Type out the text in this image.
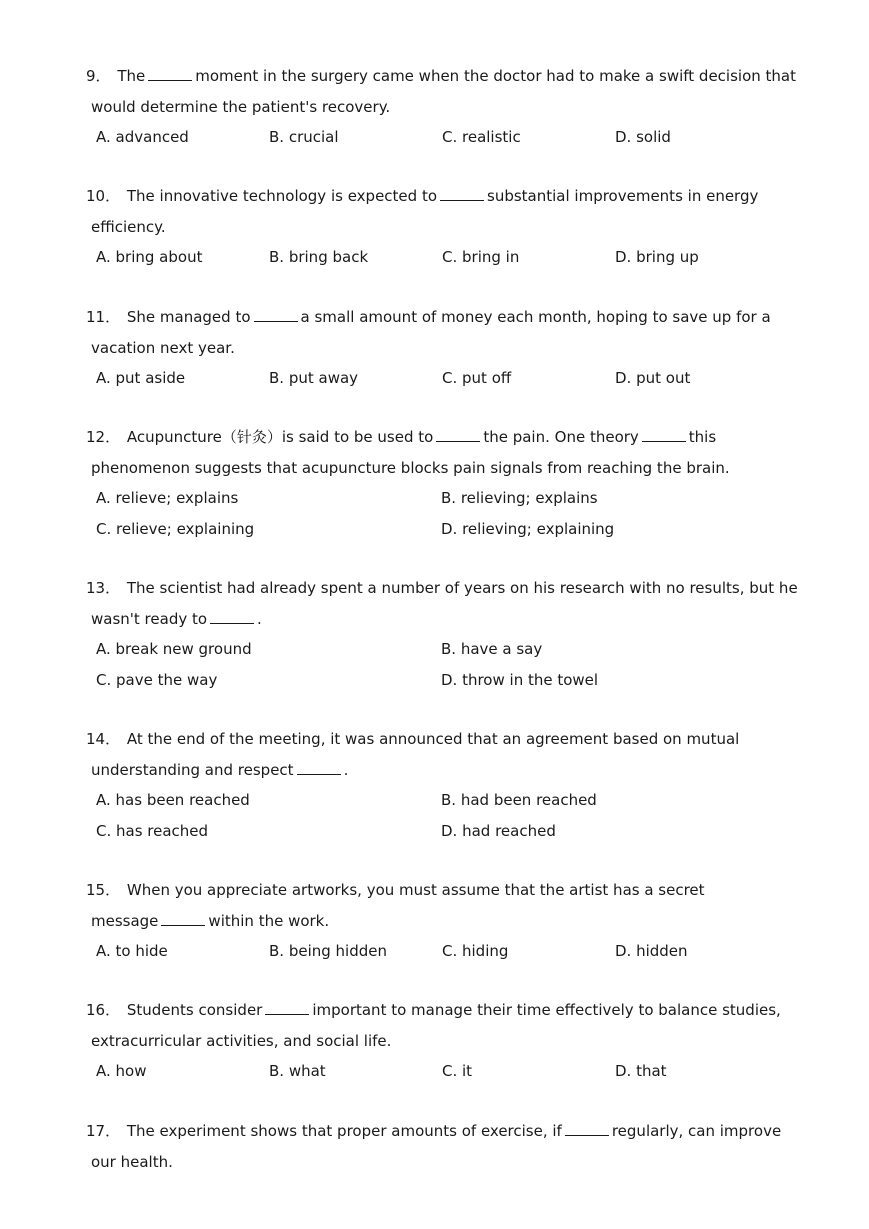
9． The	moment in the surgery came when the doctor had to make a swift decision that
would determine the patient's recovery.
A. advanced	B. crucial	C. realistic	D. solid
10． The innovative technology is expected to	substantial improvements in energy
efficiency.
A. bring about	B. bring back	C. bring in	D. bring up
11． She managed to	a small amount of money each month, hoping to save up for a
vacation next year.
A. put aside	B. put away	C. put off	D. put out
12． Acupuncture（针灸）is said to be used to	the pain. One theory	this
phenomenon suggests that acupuncture blocks pain signals from reaching the brain.
A. relieve; explains	B. relieving; explains
C. relieve; explaining	D. relieving; explaining
13． The scientist had already spent a number of years on his research with no results, but he
wasn't ready to	.
A. break new ground	B. have a say
C. pave the way	D. throw in the towel
14． At the end of the meeting, it was announced that an agreement based on mutual
understanding and respect	.
A. has been reached	B. had been reached
C. has reached	D. had reached
15． When you appreciate artworks, you must assume that the artist has a secret
message	within the work.
A. to hide	B. being hidden	C. hiding	D. hidden
16． Students consider	important to manage their time effectively to balance studies,
extracurricular activities, and social life.
A. how	B. what	C. it	D. that
17． The experiment shows that proper amounts of exercise, if	regularly, can improve
our health.
